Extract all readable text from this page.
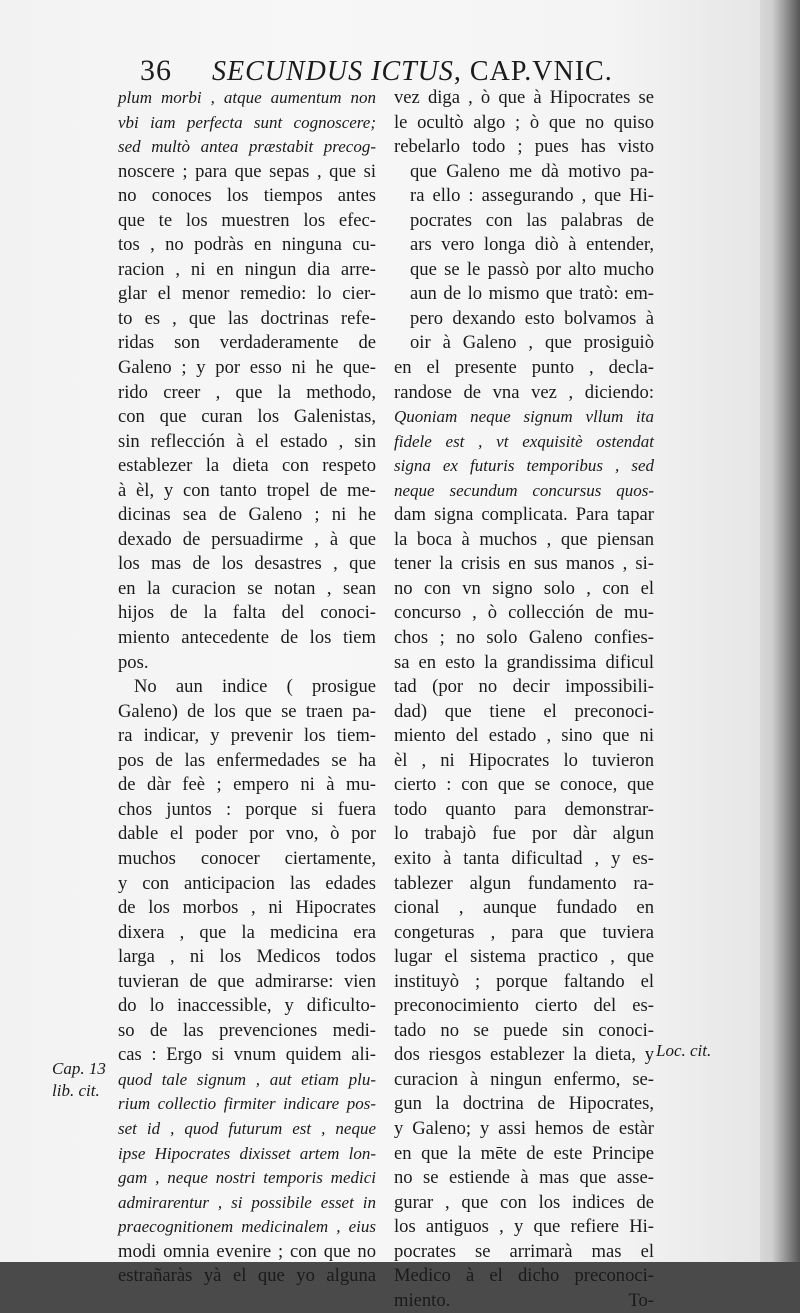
36 SECUNDUS ICTUS, CAP.VNIC.
plum morbi , atque aumentum non
vbi iam perfecta sunt cognoscere;
sed multò antea præstabit precog-
noscere ; para que sepas , que si
no conoces los tiempos antes
que te los muestren los efec-
tos , no podràs en ninguna cu-
racion , ni en ningun dia arre-
glar el menor remedio: lo cier-
to es , que las doctrinas refe-
ridas son verdaderamente de
Galeno ; y por esso ni he que-
rido creer , que la methodo,
con que curan los Galenistas,
sin reflección à el estado , sin
establezer la dieta con respeto
à èl, y con tanto tropel de me-
dicinas sea de Galeno ; ni he
dexado de persuadirme , à que
los mas de los desastres , que
en la curacion se notan , sean
hijos de la falta del conoci-
miento antecedente de los tiem
pos.
No aun indice ( prosigue
Galeno) de los que se traen pa-
ra indicar, y prevenir los tiem-
pos de las enfermedades se ha
de dàr feè ; empero ni à mu-
chos juntos : porque si fuera
dable el poder por vno, ò por
muchos conocer ciertamente,
y con anticipacion las edades
de los morbos , ni Hipocrates
dixera , que la medicina era
larga , ni los Medicos todos
tuvieran de que admirarse: vien
do lo inaccessible, y dificulto-
so de las prevenciones medi-
cas : Ergo si vnum quidem ali-
quod tale signum , aut etiam plu-
rium collectio firmiter indicare pos-
set id , quod futurum est , neque
ipse Hipocrates dixisset artem lon-
gam , neque nostri temporis medici
admirarentur , si possibile esset in
praecognitionem medicinalem , eius
modi omnia evenire ; con que no
estrañaràs yà el que yo alguna
vez diga , ò que à Hipocrates se
le ocultò algo ; ò que no quiso
rebelarlo todo ; pues has visto
que Galeno me dà motivo pa-
ra ello : assegurando , que Hi-
pocrates con las palabras de
ars vero longa diò à entender,
que se le passò por alto mucho
aun de lo mismo que tratò: em-
pero dexando esto bolvamos à
oir à Galeno , que prosiguiò
en el presente punto , decla-
randose de vna vez , diciendo:
Quoniam neque signum vllum ita
fidele est , vt exquisitè ostendat
signa ex futuris temporibus , sed
neque secundum concursus quos-
dam signa complicata. Para tapar
la boca à muchos , que piensan
tener la crisis en sus manos , si-
no con vn signo solo , con el
concurso , ò collección de mu-
chos ; no solo Galeno confies-
sa en esto la grandissima dificul
tad (por no decir impossibili-
dad) que tiene el preconoci-
miento del estado , sino que ni
èl , ni Hipocrates lo tuvieron
cierto : con que se conoce, que
todo quanto para demonstrar-
lo trabajò fue por dàr algun
exito à tanta dificultad , y es-
tablezer algun fundamento ra-
cional , aunque fundado en
congeturas , para que tuviera
lugar el sistema practico , que
instituyò ; porque faltando el
preconocimiento cierto del es-
tado no se puede sin conoci-
dos riesgos establezer la dieta, y
curacion à ningun enfermo, se-
gun la doctrina de Hipocrates,
y Galeno; y assi hemos de estàr
en que la mēte de este Principe
no se estiende à mas que asse-
gurar , que con los indices de
los antiguos , y que refiere Hi-
pocrates se arrimarà mas el
Medico à el dicho preconoci-
miento.	To-
Cap. 13
lib. cit.
Loc. cit.
